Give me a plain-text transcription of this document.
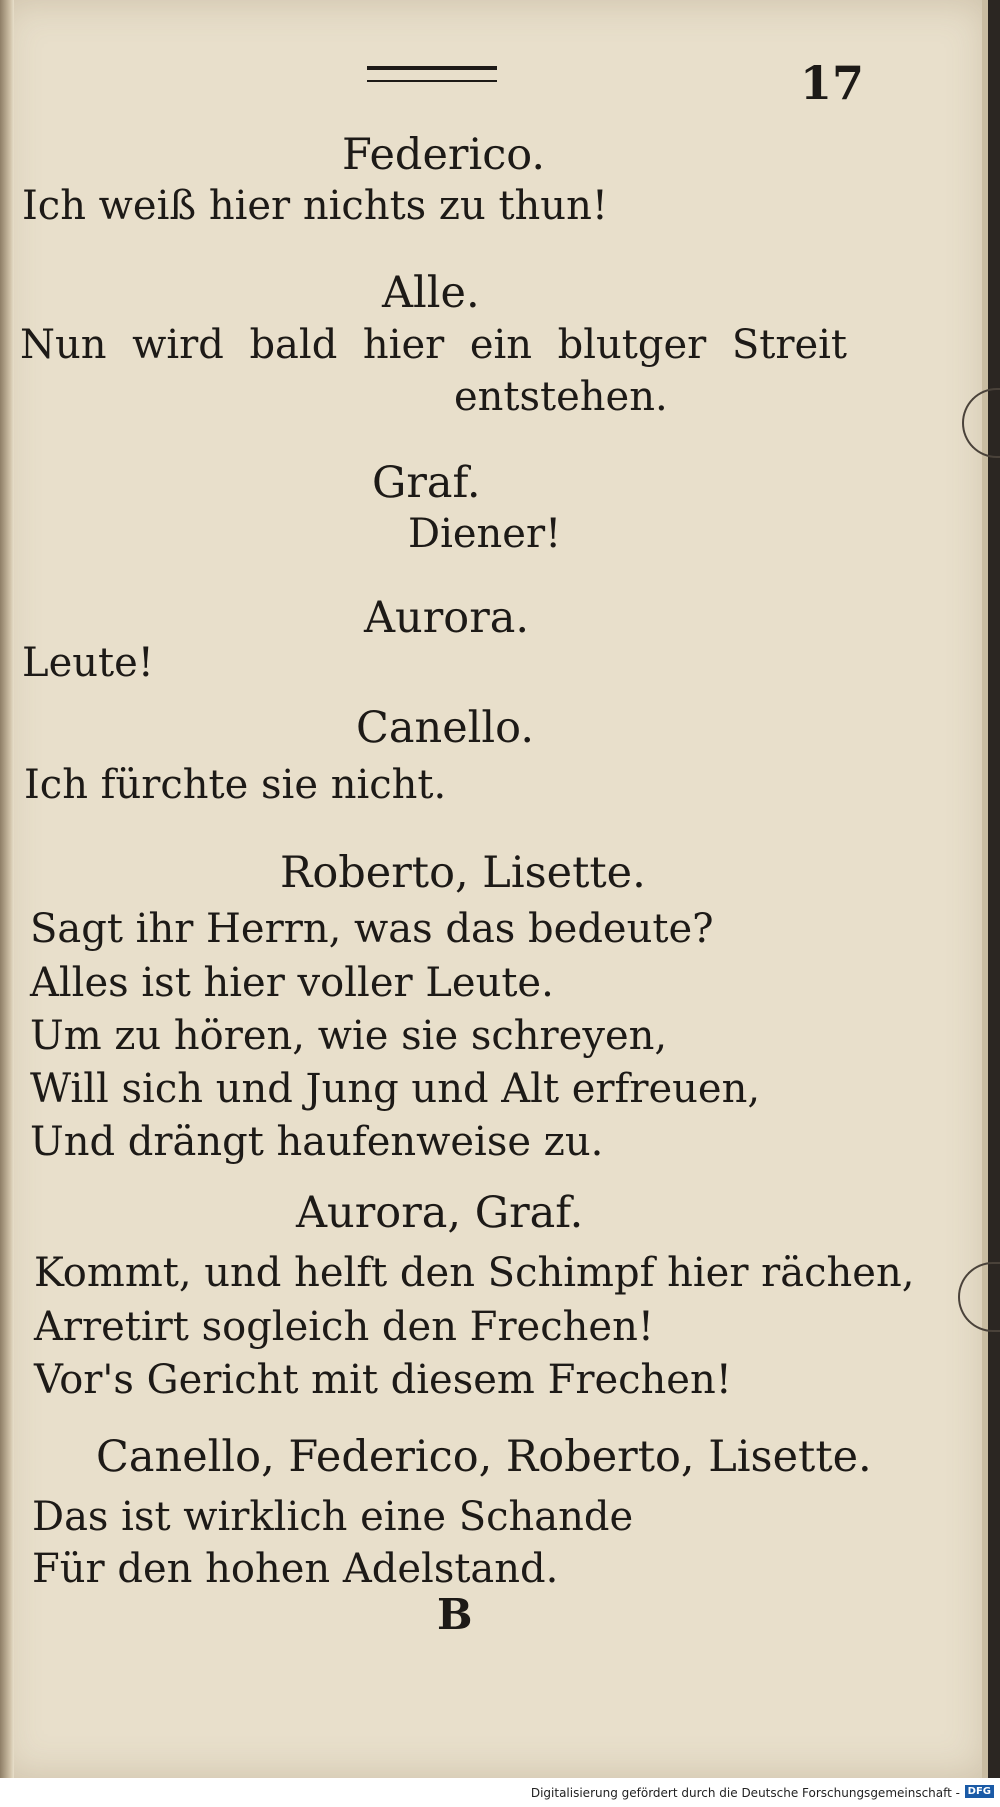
17
Federico.
Ich weiß hier nichts zu thun!
Alle.
Nun wird bald hier ein blutger Streit
entstehen.
Graf.
Diener!
Aurora.
Leute!
Canello.
Ich fürchte sie nicht.
Roberto, Lisette.
Sagt ihr Herrn, was das bedeute?
Alles ist hier voller Leute.
Um zu hören, wie sie schreyen,
Will sich und Jung und Alt erfreuen,
Und drängt haufenweise zu.
Aurora, Graf.
Kommt, und helft den Schimpf hier rächen,
Arretirt sogleich den Frechen!
Vor's Gericht mit diesem Frechen!
Canello, Federico, Roberto, Lisette.
Das ist wirklich eine Schande
Für den hohen Adelstand.
B
Digitalisierung gefördert durch die Deutsche Forschungsgemeinschaft - DFG
